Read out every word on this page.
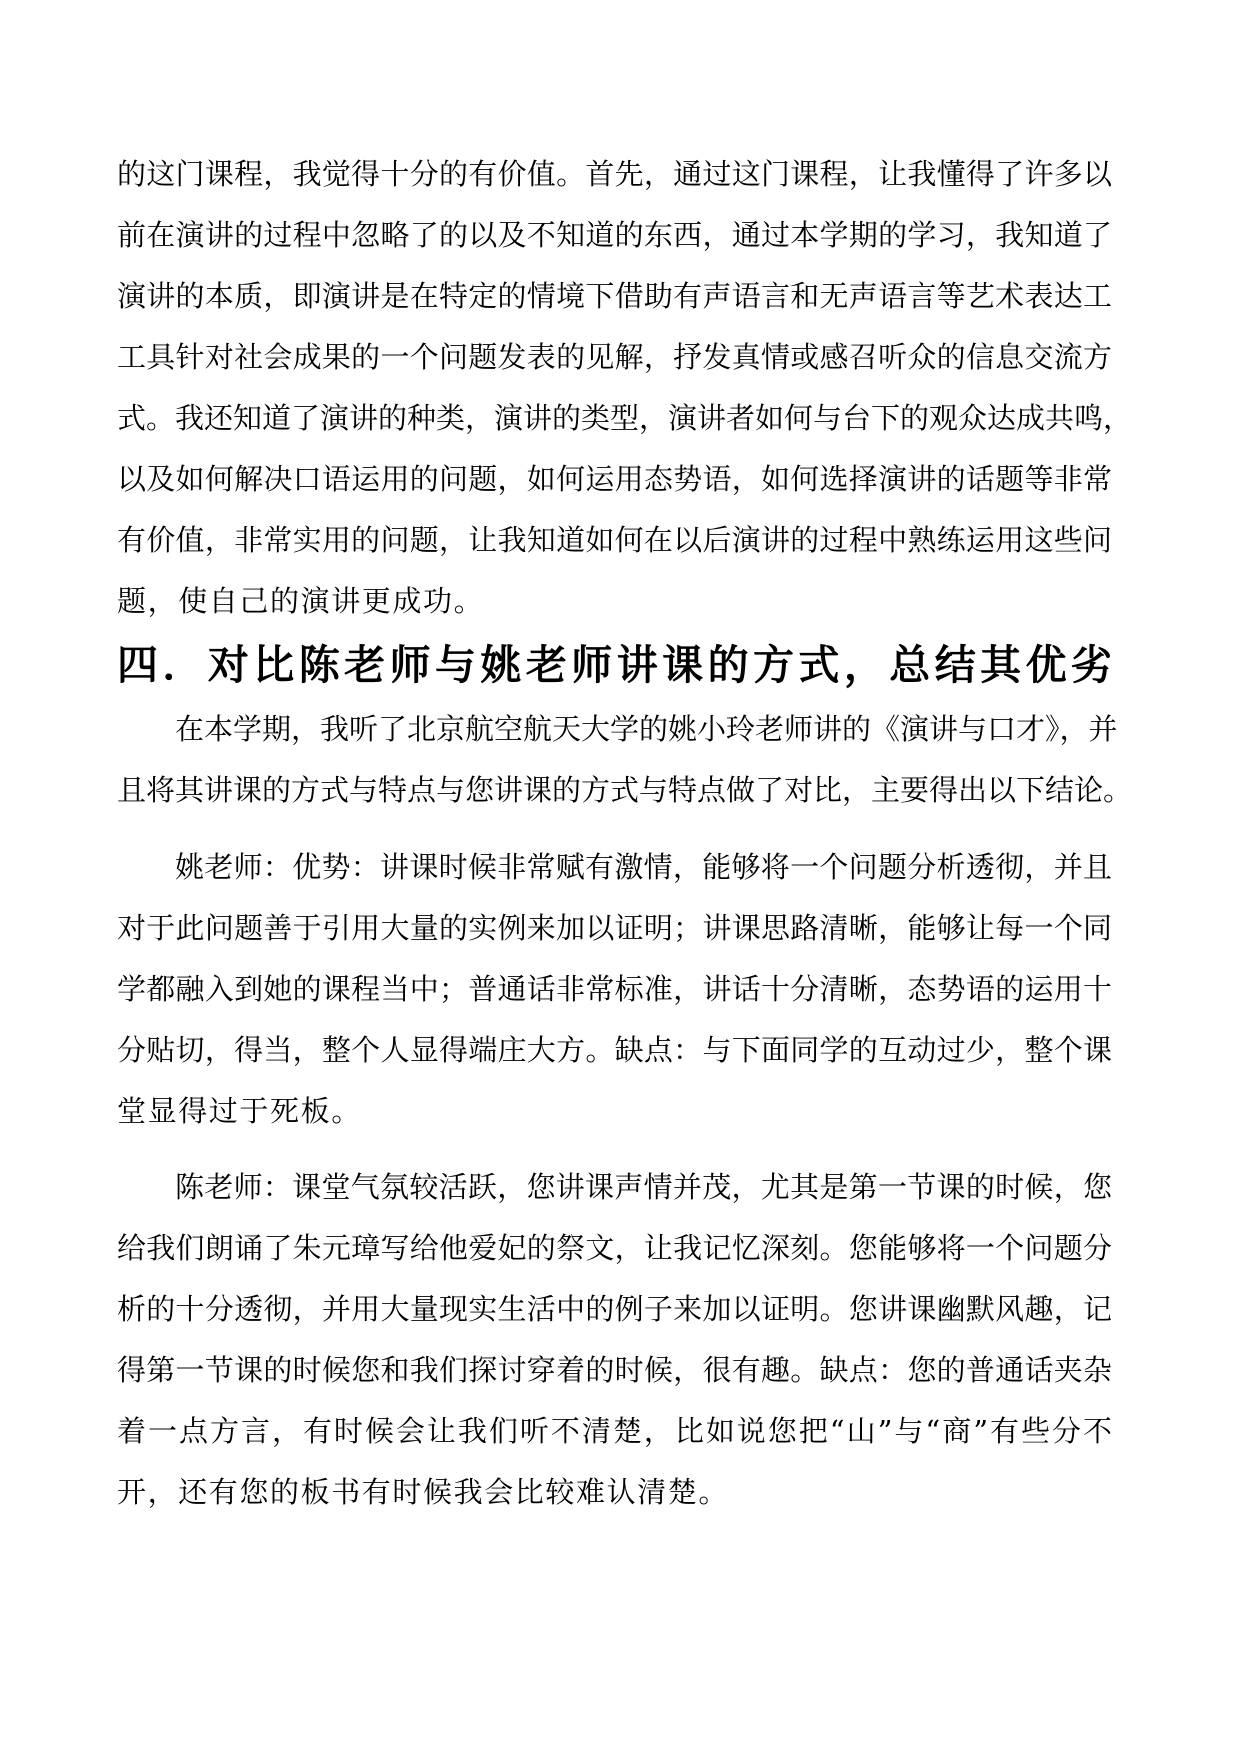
的这门课程，我觉得十分的有价值。首先，通过这门课程，让我懂得了许多以
前在演讲的过程中忽略了的以及不知道的东西，通过本学期的学习，我知道了
演讲的本质，即演讲是在特定的情境下借助有声语言和无声语言等艺术表达工
工具针对社会成果的一个问题发表的见解，抒发真情或感召听众的信息交流方
式。我还知道了演讲的种类，演讲的类型，演讲者如何与台下的观众达成共鸣，
以及如何解决口语运用的问题，如何运用态势语，如何选择演讲的话题等非常
有价值，非常实用的问题，让我知道如何在以后演讲的过程中熟练运用这些问
题，使自己的演讲更成功。
四．对比陈老师与姚老师讲课的方式，总结其优劣
在本学期，我听了北京航空航天大学的姚小玲老师讲的《演讲与口才》，并
且将其讲课的方式与特点与您讲课的方式与特点做了对比，主要得出以下结论。
姚老师：优势：讲课时候非常赋有激情，能够将一个问题分析透彻，并且
对于此问题善于引用大量的实例来加以证明；讲课思路清晰，能够让每一个同
学都融入到她的课程当中；普通话非常标准，讲话十分清晰，态势语的运用十
分贴切，得当，整个人显得端庄大方。缺点：与下面同学的互动过少，整个课
堂显得过于死板。
陈老师：课堂气氛较活跃，您讲课声情并茂，尤其是第一节课的时候，您
给我们朗诵了朱元璋写给他爱妃的祭文，让我记忆深刻。您能够将一个问题分
析的十分透彻，并用大量现实生活中的例子来加以证明。您讲课幽默风趣，记
得第一节课的时候您和我们探讨穿着的时候，很有趣。缺点：您的普通话夹杂
着一点方言，有时候会让我们听不清楚，比如说您把“山”与“商”有些分不
开，还有您的板书有时候我会比较难认清楚。
